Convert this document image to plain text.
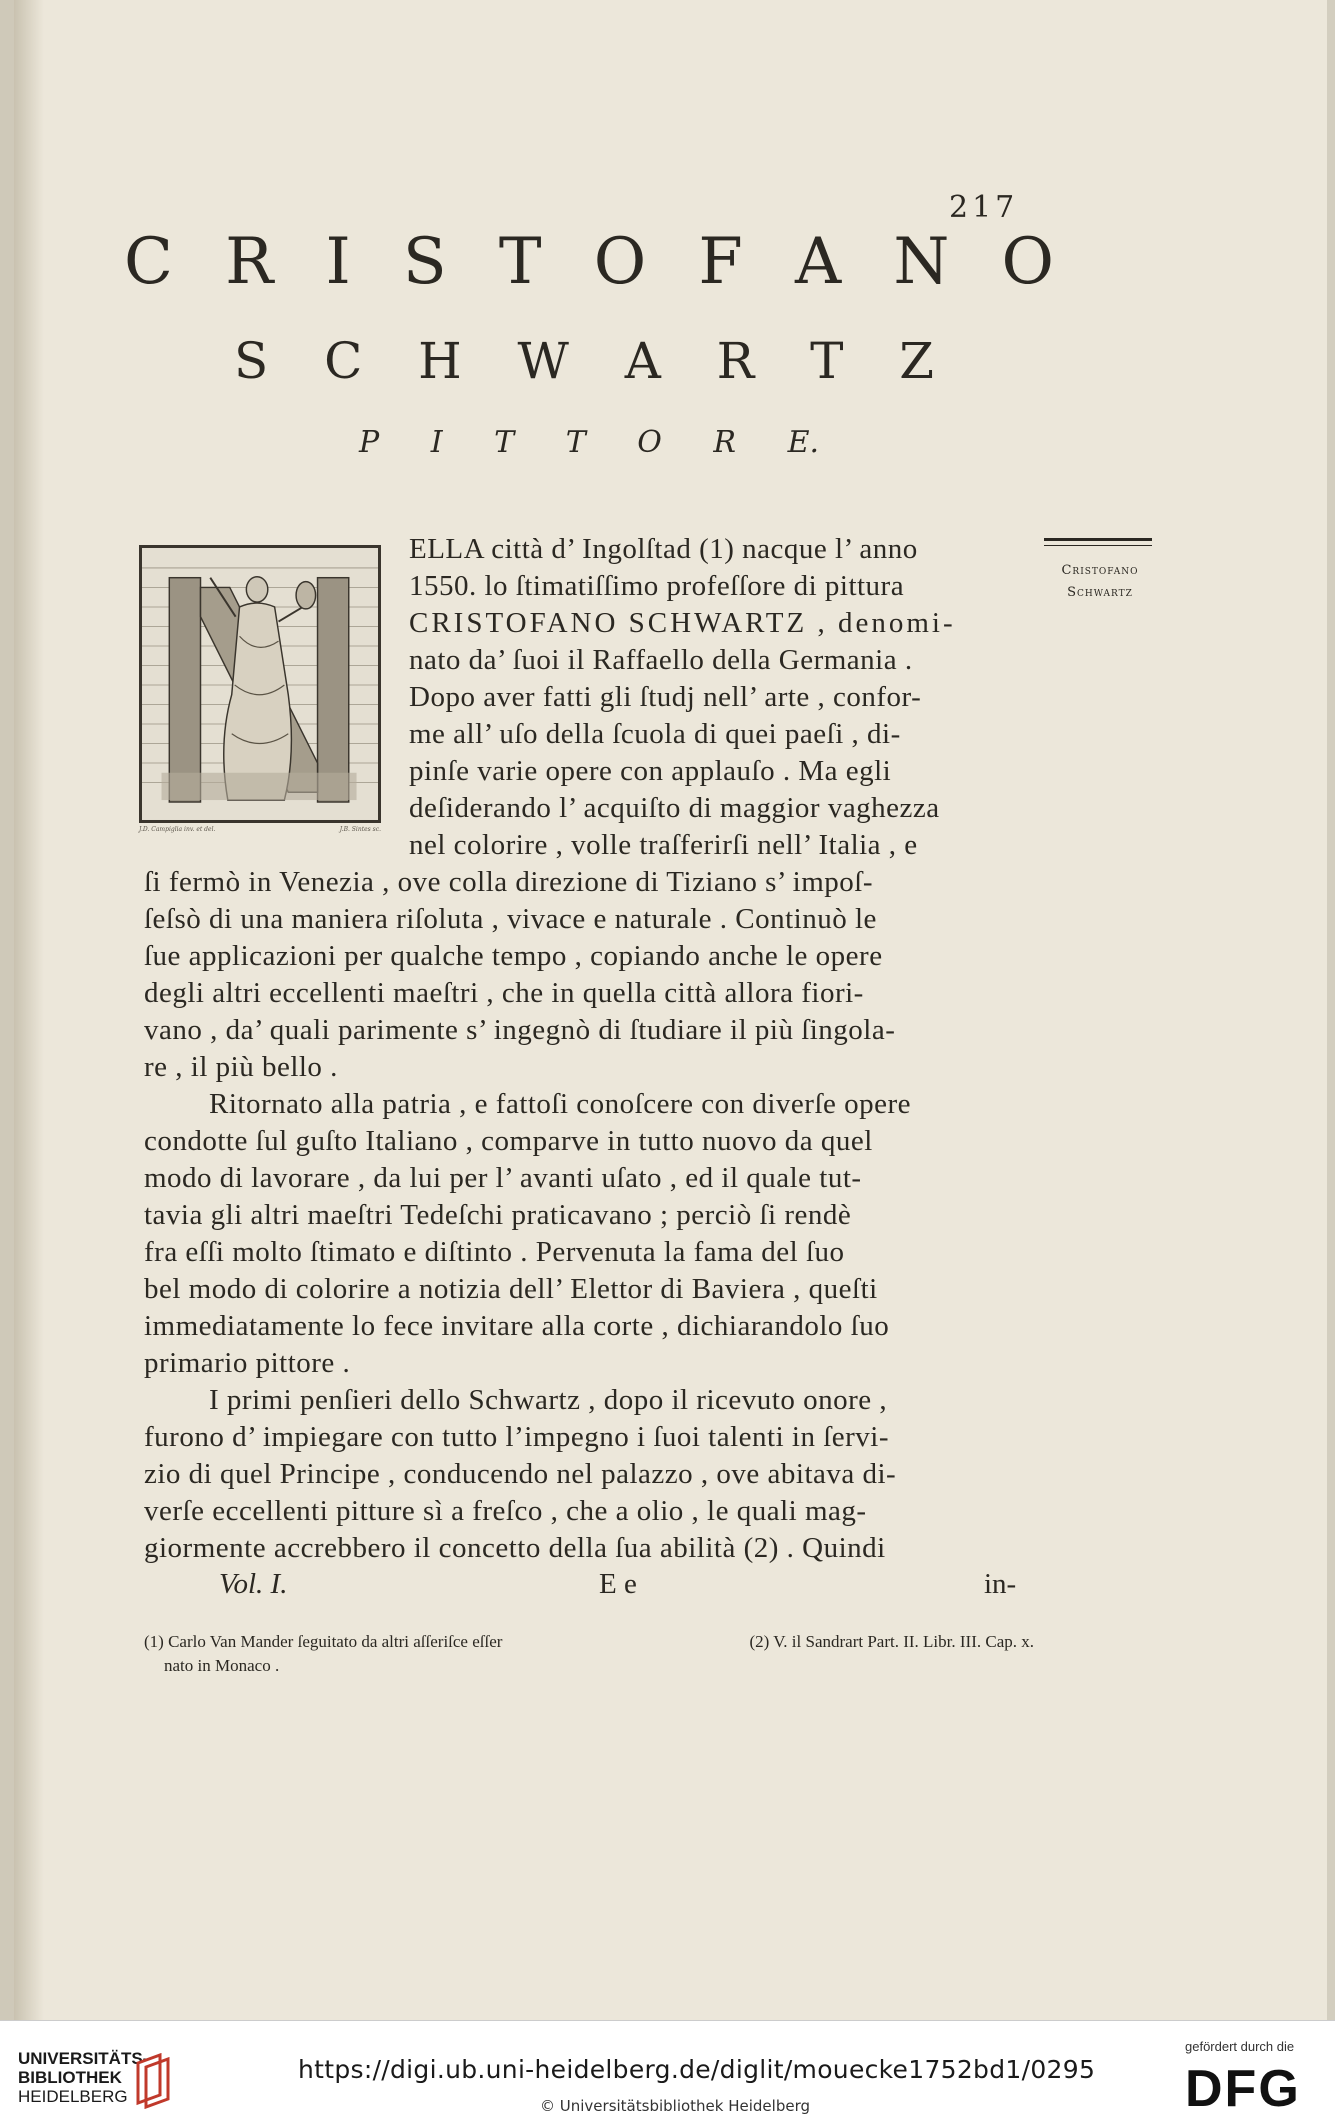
217
C R I S T O F A N O
S C H W A R T Z
P I T T O R E.
J.D. Campiglia inv. et del.	J.B. Sintes sc.
Cristofano
Schwartz
ELLA città d’ Ingolſtad (1) nacque l’ anno
1550. lo ſtimatiſſimo profeſſore di pittura
CRISTOFANO SCHWARTZ , denomi-
nato da’ ſuoi il Raffaello della Germania .
Dopo aver fatti gli ſtudj nell’ arte , confor-
me all’ uſo della ſcuola di quei paeſi , di-
pinſe varie opere con applauſo . Ma egli
deſiderando l’ acquiſto di maggior vaghezza
nel colorire , volle traſferirſi nell’ Italia , e
ſi fermò in Venezia , ove colla direzione di Tiziano s’ impoſ-
ſeſsò di una maniera riſoluta , vivace e naturale . Continuò le
ſue applicazioni per qualche tempo , copiando anche le opere
degli altri eccellenti maeſtri , che in quella città allora fiori-
vano , da’ quali parimente s’ ingegnò di ſtudiare il più ſingola-
re , il più bello .
Ritornato alla patria , e fattoſi conoſcere con diverſe opere
condotte ſul guſto Italiano , comparve in tutto nuovo da quel
modo di lavorare , da lui per l’ avanti uſato , ed il quale tut-
tavia gli altri maeſtri Tedeſchi praticavano ; perciò ſi rendè
fra eſſi molto ſtimato e diſtinto . Pervenuta la fama del ſuo
bel modo di colorire a notizia dell’ Elettor di Baviera , queſti
immediatamente lo fece invitare alla corte , dichiarandolo ſuo
primario pittore .
I primi penſieri dello Schwartz , dopo il ricevuto onore ,
furono d’ impiegare con tutto l’impegno i ſuoi talenti in ſervi-
zio di quel Principe , conducendo nel palazzo , ove abitava di-
verſe eccellenti pitture sì a freſco , che a olio , le quali mag-
giormente accrebbero il concetto della ſua abilità (2) . Quindi
Vol. I.	E e	in-
(1) Carlo Van Mander ſeguitato da altri aſſeriſce eſſer	(2) V. il Sandrart Part. II. Libr. III. Cap. x.
nato in Monaco .
UNIVERSITÄTS-
BIBLIOTHEK
HEIDELBERG
https://digi.ub.uni-heidelberg.de/diglit/mouecke1752bd1/0295
© Universitätsbibliothek Heidelberg
gefördert durch die
DFG
